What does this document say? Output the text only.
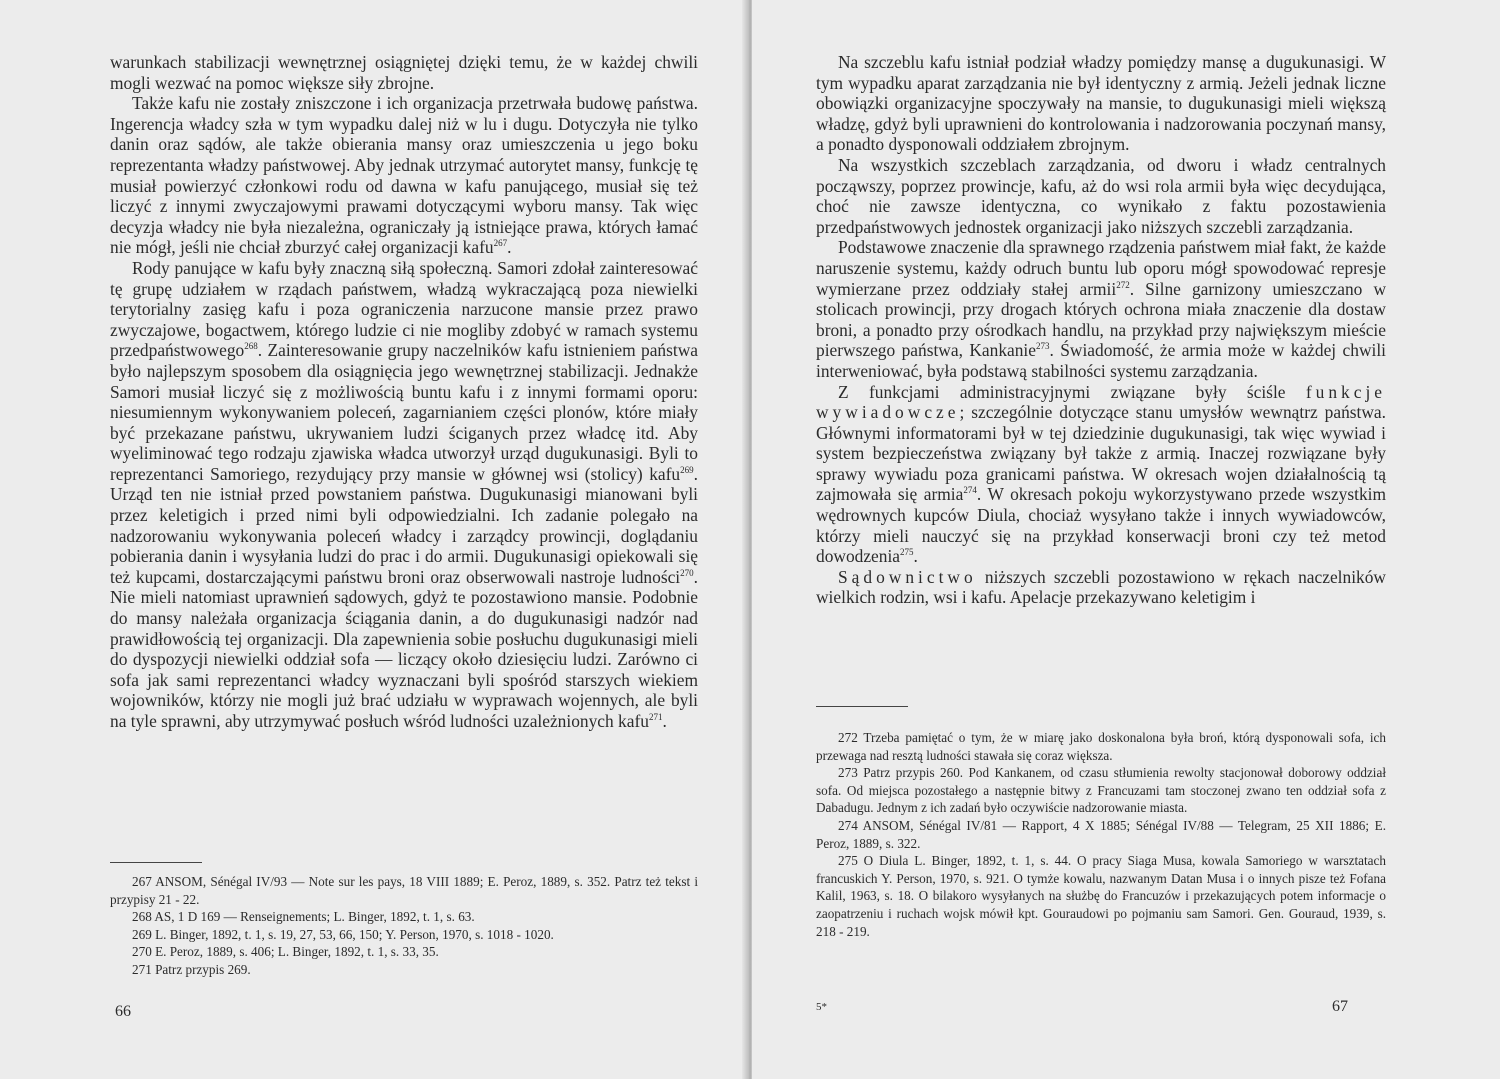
warunkach stabilizacji wewnętrznej osiągniętej dzięki temu, że w każdej chwili mogli wezwać na pomoc większe siły zbrojne.

Także kafu nie zostały zniszczone i ich organizacja przetrwała budowę państwa. Ingerencja władcy szła w tym wypadku dalej niż w lu i dugu. Dotyczyła nie tylko danin oraz sądów, ale także obierania mansy oraz umieszczenia u jego boku reprezentanta władzy państwowej. Aby jednak utrzymać autorytet mansy, funkcję tę musiał powierzyć członkowi rodu od dawna w kafu panującego, musiał się też liczyć z innymi zwyczajowymi prawami dotyczącymi wyboru mansy. Tak więc decyzja władcy nie była niezależna, ograniczały ją istniejące prawa, których łamać nie mógł, jeśli nie chciał zburzyć całej organizacji kafu$^{267}$.

Rody panujące w kafu były znaczną siłą społeczną. Samori zdołał zainteresować tę grupę udziałem w rządach państwem, władzą wykraczającą poza niewielki terytorialny zasięg kafu i poza ograniczenia narzucone mansie przez prawo zwyczajowe, bogactwem, którego ludzie ci nie mogliby zdobyć w ramach systemu przedpaństwowego$^{268}$. Zainteresowanie grupy naczelników kafu istnieniem państwa było najlepszym sposobem dla osiągnięcia jego wewnętrznej stabilizacji. Jednakże Samori musiał liczyć się z możliwością buntu kafu i z innymi formami oporu: niesumiennym wykonywaniem poleceń, zagarnianiem części plonów, które miały być przekazane państwu, ukrywaniem ludzi ściganych przez władcę itd. Aby wyeliminować tego rodzaju zjawiska władca utworzył urząd dugukunasigi. Byli to reprezentanci Samoriego, rezydujący przy mansie w głównej wsi (stolicy) kafu$^{269}$. Urząd ten nie istniał przed powstaniem państwa. Dugukunasigi mianowani byli przez keletigich i przed nimi byli odpowiedzialni. Ich zadanie polegało na nadzorowaniu wykonywania poleceń władcy i zarządcy prowincji, doglądaniu pobierania danin i wysyłania ludzi do prac i do armii. Dugukunasigi opiekowali się też kupcami, dostarczającymi państwu broni oraz obserwowali nastroje ludności$^{270}$. Nie mieli natomiast uprawnień sądowych, gdyż te pozostawiono mansie. Podobnie do mansy należała organizacja ściągania danin, a do dugukunasigi nadzór nad prawidłowością tej organizacji. Dla zapewnienia sobie posłuchu dugukunasigi mieli do dyspozycji niewielki oddział sofa — liczący około dziesięciu ludzi. Zarówno ci sofa jak sami reprezentanci władcy wyznaczani byli spośród starszych wiekiem wojowników, którzy nie mogli już brać udziału w wyprawach wojennych, ale byli na tyle sprawni, aby utrzymywać posłuch wśród ludności uzależnionych kafu$^{271}$.

267 ANSOM, Sénégal IV/93 — Note sur les pays, 18 VIII 1889; E. Peroz, 1889, s. 352. Patrz też tekst i przypisy 21 - 22.

268 AS, 1 D 169 — Renseignements; L. Binger, 1892, t. 1, s. 63.

269 L. Binger, 1892, t. 1, s. 19, 27, 53, 66, 150; Y. Person, 1970, s. 1018 - 1020.

270 E. Peroz, 1889, s. 406; L. Binger, 1892, t. 1, s. 33, 35.

271 Patrz przypis 269.

66

Na szczeblu kafu istniał podział władzy pomiędzy mansę a dugukunasigi. W tym wypadku aparat zarządzania nie był identyczny z armią. Jeżeli jednak liczne obowiązki organizacyjne spoczywały na mansie, to dugukunasigi mieli większą władzę, gdyż byli uprawnieni do kontrolowania i nadzorowania poczynań mansy, a ponadto dysponowali oddziałem zbrojnym.

Na wszystkich szczeblach zarządzania, od dworu i władz centralnych począwszy, poprzez prowincje, kafu, aż do wsi rola armii była więc decydująca, choć nie zawsze identyczna, co wynikało z faktu pozostawienia przedpaństwowych jednostek organizacji jako niższych szczebli zarządzania.

Podstawowe znaczenie dla sprawnego rządzenia państwem miał fakt, że każde naruszenie systemu, każdy odruch buntu lub oporu mógł spowodować represje wymierzane przez oddziały stałej armii$^{272}$. Silne garnizony umieszczano w stolicach prowincji, przy drogach których ochrona miała znaczenie dla dostaw broni, a ponadto przy ośrodkach handlu, na przykład przy największym mieście pierwszego państwa, Kankanie$^{273}$. Świadomość, że armia może w każdej chwili interweniować, była podstawą stabilności systemu zarządzania.

Z funkcjami administracyjnymi związane były ściśle funkcje wywiadowcze; szczególnie dotyczące stanu umysłów wewnątrz państwa. Głównymi informatorami był w tej dziedzinie dugukunasigi, tak więc wywiad i system bezpieczeństwa związany był także z armią. Inaczej rozwiązane były sprawy wywiadu poza granicami państwa. W okresach wojen działalnością tą zajmowała się armia$^{274}$. W okresach pokoju wykorzystywano przede wszystkim wędrownych kupców Diula, chociaż wysyłano także i innych wywiadowców, którzy mieli nauczyć się na przykład konserwacji broni czy też metod dowodzenia$^{275}$.

Sądownictwo niższych szczebli pozostawiono w rękach naczelników wielkich rodzin, wsi i kafu. Apelacje przekazywano keletigim i

272 Trzeba pamiętać o tym, że w miarę jako doskonalona była broń, którą dysponowali sofa, ich przewaga nad resztą ludności stawała się coraz większa.

273 Patrz przypis 260. Pod Kankanem, od czasu stłumienia rewolty stacjonował doborowy oddział sofa. Od miejsca pozostałego a następnie bitwy z Francuzami tam stoczonej zwano ten oddział sofa z Dabadugu. Jednym z ich zadań było oczywiście nadzorowanie miasta.

274 ANSOM, Sénégal IV/81 — Rapport, 4 X 1885; Sénégal IV/88 — Telegram, 25 XII 1886; E. Peroz, 1889, s. 322.

275 O Diula L. Binger, 1892, t. 1, s. 44. O pracy Siaga Musa, kowala Samoriego w warsztatach francuskich Y. Person, 1970, s. 921. O tymże kowalu, nazwanym Datan Musa i o innych pisze też Fofana Kalil, 1963, s. 18. O bilakoro wysyłanych na służbę do Francuzów i przekazujących potem informacje o zaopatrzeniu i ruchach wojsk mówił kpt. Gouraudowi po pojmaniu sam Samori. Gen. Gouraud, 1939, s. 218 - 219.

5*	67
